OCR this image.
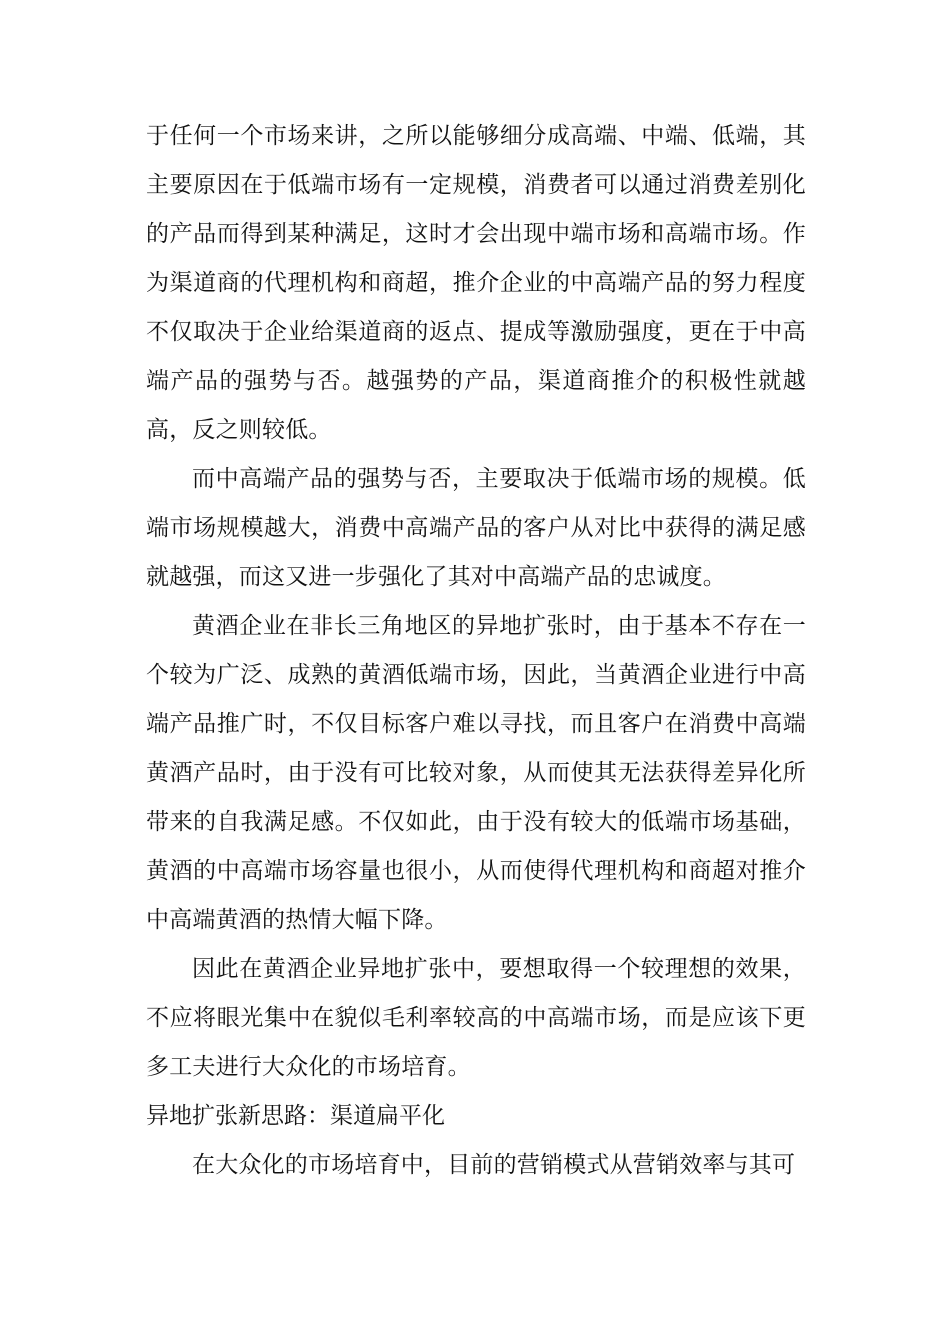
于任何一个市场来讲，之所以能够细分成高端、中端、低端，其主要原因在于低端市场有一定规模，消费者可以通过消费差别化的产品而得到某种满足，这时才会出现中端市场和高端市场。作为渠道商的代理机构和商超，推介企业的中高端产品的努力程度不仅取决于企业给渠道商的返点、提成等激励强度，更在于中高端产品的强势与否。越强势的产品，渠道商推介的积极性就越高，反之则较低。

而中高端产品的强势与否，主要取决于低端市场的规模。低端市场规模越大，消费中高端产品的客户从对比中获得的满足感就越强，而这又进一步强化了其对中高端产品的忠诚度。

黄酒企业在非长三角地区的异地扩张时，由于基本不存在一个较为广泛、成熟的黄酒低端市场，因此，当黄酒企业进行中高端产品推广时，不仅目标客户难以寻找，而且客户在消费中高端黄酒产品时，由于没有可比较对象，从而使其无法获得差异化所带来的自我满足感。不仅如此，由于没有较大的低端市场基础，黄酒的中高端市场容量也很小，从而使得代理机构和商超对推介中高端黄酒的热情大幅下降。

因此在黄酒企业异地扩张中，要想取得一个较理想的效果，不应将眼光集中在貌似毛利率较高的中高端市场，而是应该下更多工夫进行大众化的市场培育。

异地扩张新思路：渠道扁平化

在大众化的市场培育中，目前的营销模式从营销效率与其可
